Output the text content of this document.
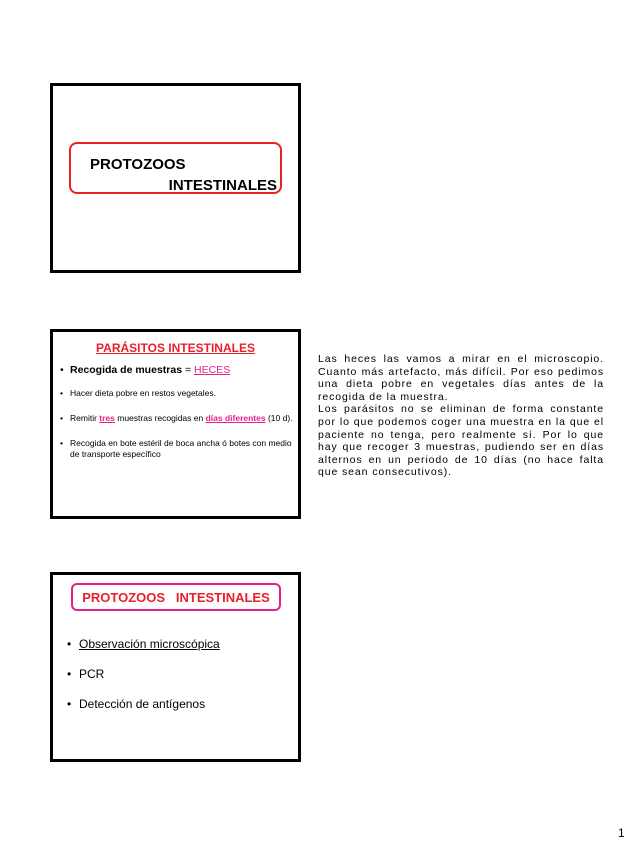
PROTOZOOS
INTESTINALES
PARÁSITOS INTESTINALES
• Recogida de muestras = HECES
• Hacer dieta pobre en restos vegetales.
• Remitir tres muestras recogidas en días diferentes (10 d).
• Recogida en bote estéril de boca ancha ó botes con medio de transporte específico

Las heces las vamos a mirar en el microscopio. Cuanto más artefacto, más difícil. Por eso pedimos una dieta pobre en vegetales días antes de la recogida de la muestra.

Los parásitos no se eliminan de forma constante por lo que podemos coger una muestra en la que el paciente no tenga, pero realmente sí. Por lo que hay que recoger 3 muestras, pudiendo ser en días alternos en un periodo de 10 días (no hace falta que sean consecutivos).

PROTOZOOS   INTESTINALES
• Observación microscópica
• PCR
• Detección de antígenos
1
